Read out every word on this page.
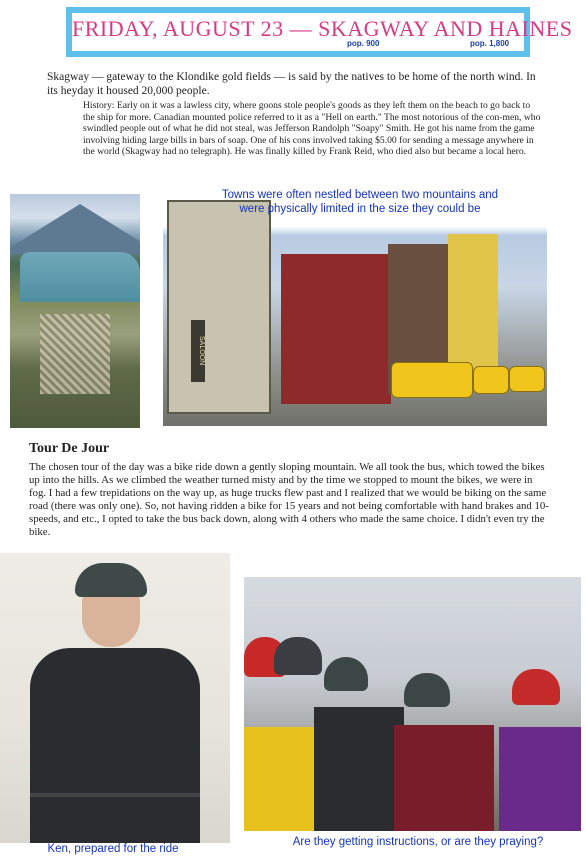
FRIDAY, AUGUST 23 — SKAGWAY AND HAINES
pop. 900	pop. 1,800

Skagway — gateway to the Klondike gold fields — is said by the natives to be home of the north wind. In its heyday it housed 20,000 people.

History: Early on it was a lawless city, where goons stole people's goods as they left them on the beach to go back to the ship for more. Canadian mounted police referred to it as a "Hell on earth." The most notorious of the con-men, who swindled people out of what he did not steal, was Jefferson Randolph "Soapy" Smith. He got his name from the game involving hiding large bills in bars of soap. One of his cons involved taking $5.00 for sending a message anywhere in the world (Skagway had no telegraph). He was finally killed by Frank Reid, who died also but became a local hero.

SALOON
Towns were often nestled between two mountains and were physically limited in the size they could be
Tour De Jour

The chosen tour of the day was a bike ride down a gently sloping mountain. We all took the bus, which towed the bikes up into the hills. As we climbed the weather turned misty and by the time we stopped to mount the bikes, we were in fog. I had a few trepidations on the way up, as huge trucks flew past and I realized that we would be biking on the same road (there was only one). So, not having ridden a bike for 15 years and not being comfortable with hand brakes and 10-speeds, and etc., I opted to take the bus back down, along with 4 others who made the same choice. I didn't even try the bike.

Ken, prepared for the ride
Are they getting instructions, or are they praying?
